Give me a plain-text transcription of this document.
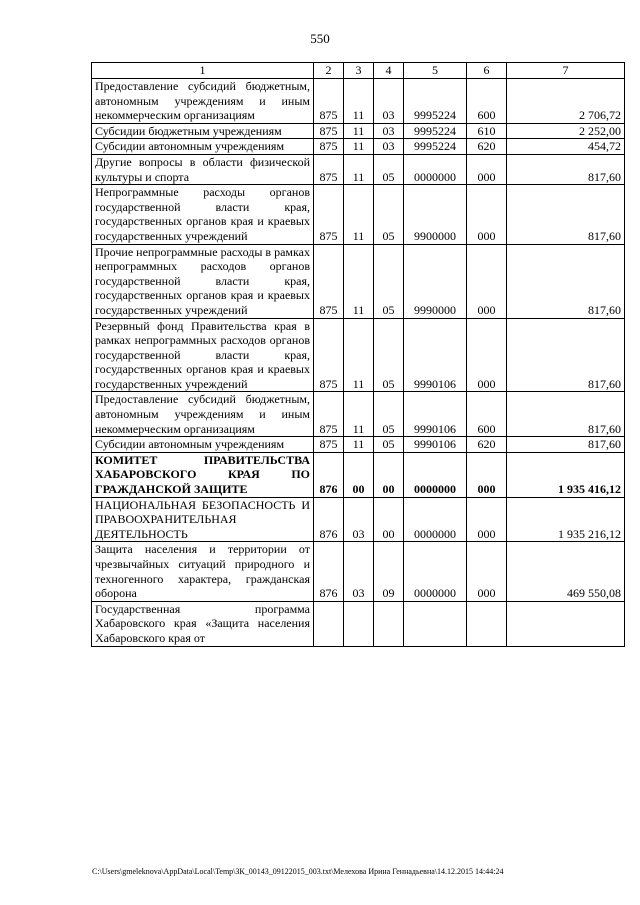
550
1	2	3	4	5	6	7
Предоставление субсидий бюджетным, автономным учреждениям и иным некоммерческим организациям	875	11	03	9995224	600	2 706,72
Субсидии бюджетным учреждениям	875	11	03	9995224	610	2 252,00
Субсидии автономным учреждениям	875	11	03	9995224	620	454,72
Другие вопросы в области физической культуры и спорта	875	11	05	0000000	000	817,60
Непрограммные расходы органов государственной власти края, государственных органов края и краевых государственных учреждений	875	11	05	9900000	000	817,60
Прочие непрограммные расходы в рамках непрограммных расходов органов государственной власти края, государственных органов края и краевых государственных учреждений	875	11	05	9990000	000	817,60
Резервный фонд Правительства края в рамках непрограммных расходов органов государственной власти края, государственных органов края и краевых государственных учреждений	875	11	05	9990106	000	817,60
Предоставление субсидий бюджетным, автономным учреждениям и иным некоммерческим организациям	875	11	05	9990106	600	817,60
Субсидии автономным учреждениям	875	11	05	9990106	620	817,60
КОМИТЕТ ПРАВИТЕЛЬСТВА ХАБАРОВСКОГО КРАЯ ПО ГРАЖДАНСКОЙ ЗАЩИТЕ	876	00	00	0000000	000	1 935 416,12
НАЦИОНАЛЬНАЯ БЕЗОПАСНОСТЬ И ПРАВООХРАНИТЕЛЬНАЯ ДЕЯТЕЛЬНОСТЬ	876	03	00	0000000	000	1 935 216,12
Защита населения и территории от чрезвычайных ситуаций природного и техногенного характера, гражданская оборона	876	03	09	0000000	000	469 550,08
Государственная программа Хабаровского края «Защита населения Хабаровского края от						
C:\Users\gmeleknova\AppData\Local\Temp\ЗК_00143_09122015_003.txt\Мелехова Ирина Геннадьевна\14.12.2015 14:44:24
